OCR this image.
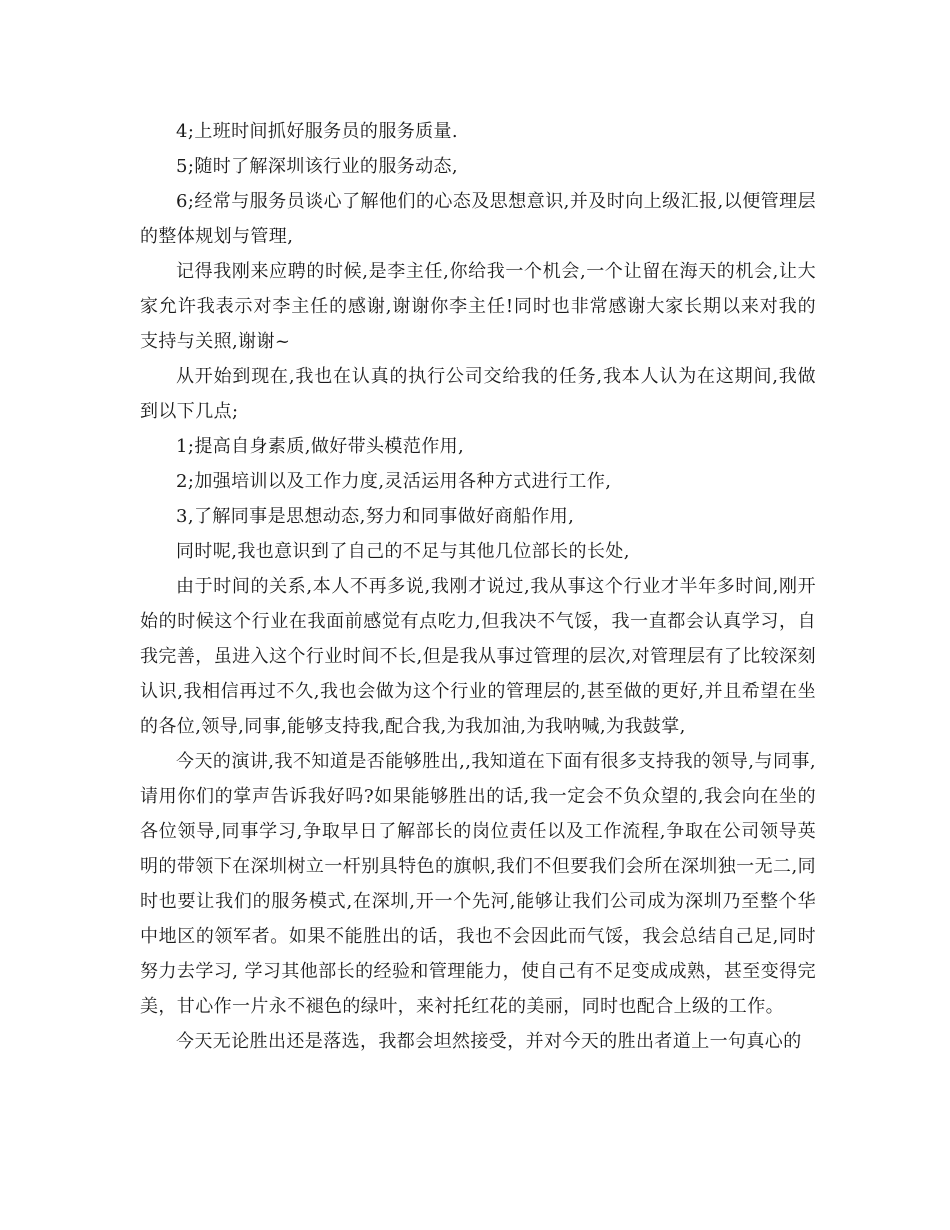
4;上班时间抓好服务员的服务质量.

5;随时了解深圳该行业的服务动态,

6;经常与服务员谈心了解他们的心态及思想意识,并及时向上级汇报,以便管理层的整体规划与管理,

记得我刚来应聘的时候,是李主任,你给我一个机会,一个让留在海天的机会,让大家允许我表示对李主任的感谢,谢谢你李主任!同时也非常感谢大家长期以来对我的支持与关照,谢谢~

从开始到现在,我也在认真的执行公司交给我的任务,我本人认为在这期间,我做到以下几点;

1;提高自身素质,做好带头模范作用,

2;加强培训以及工作力度,灵活运用各种方式进行工作,

3,了解同事是思想动态,努力和同事做好商船作用,

同时呢,我也意识到了自己的不足与其他几位部长的长处,

由于时间的关系,本人不再多说,我刚才说过,我从事这个行业才半年多时间,刚开始的时候这个行业在我面前感觉有点吃力,但我决不气馁，我一直都会认真学习，自我完善，虽进入这个行业时间不长,但是我从事过管理的层次,对管理层有了比较深刻认识,我相信再过不久,我也会做为这个行业的管理层的,甚至做的更好,并且希望在坐的各位,领导,同事,能够支持我,配合我,为我加油,为我呐喊,为我鼓掌,

今天的演讲,我不知道是否能够胜出,,我知道在下面有很多支持我的领导,与同事,请用你们的掌声告诉我好吗?如果能够胜出的话,我一定会不负众望的,我会向在坐的各位领导,同事学习,争取早日了解部长的岗位责任以及工作流程,争取在公司领导英明的带领下在深圳树立一杆别具特色的旗帜,我们不但要我们会所在深圳独一无二,同时也要让我们的服务模式,在深圳,开一个先河,能够让我们公司成为深圳乃至整个华中地区的领军者。如果不能胜出的话，我也不会因此而气馁，我会总结自己足,同时努力去学习, 学习其他部长的经验和管理能力，使自己有不足变成成熟，甚至变得完美，甘心作一片永不褪色的绿叶，来衬托红花的美丽，同时也配合上级的工作。

今天无论胜出还是落选，我都会坦然接受，并对今天的胜出者道上一句真心的
